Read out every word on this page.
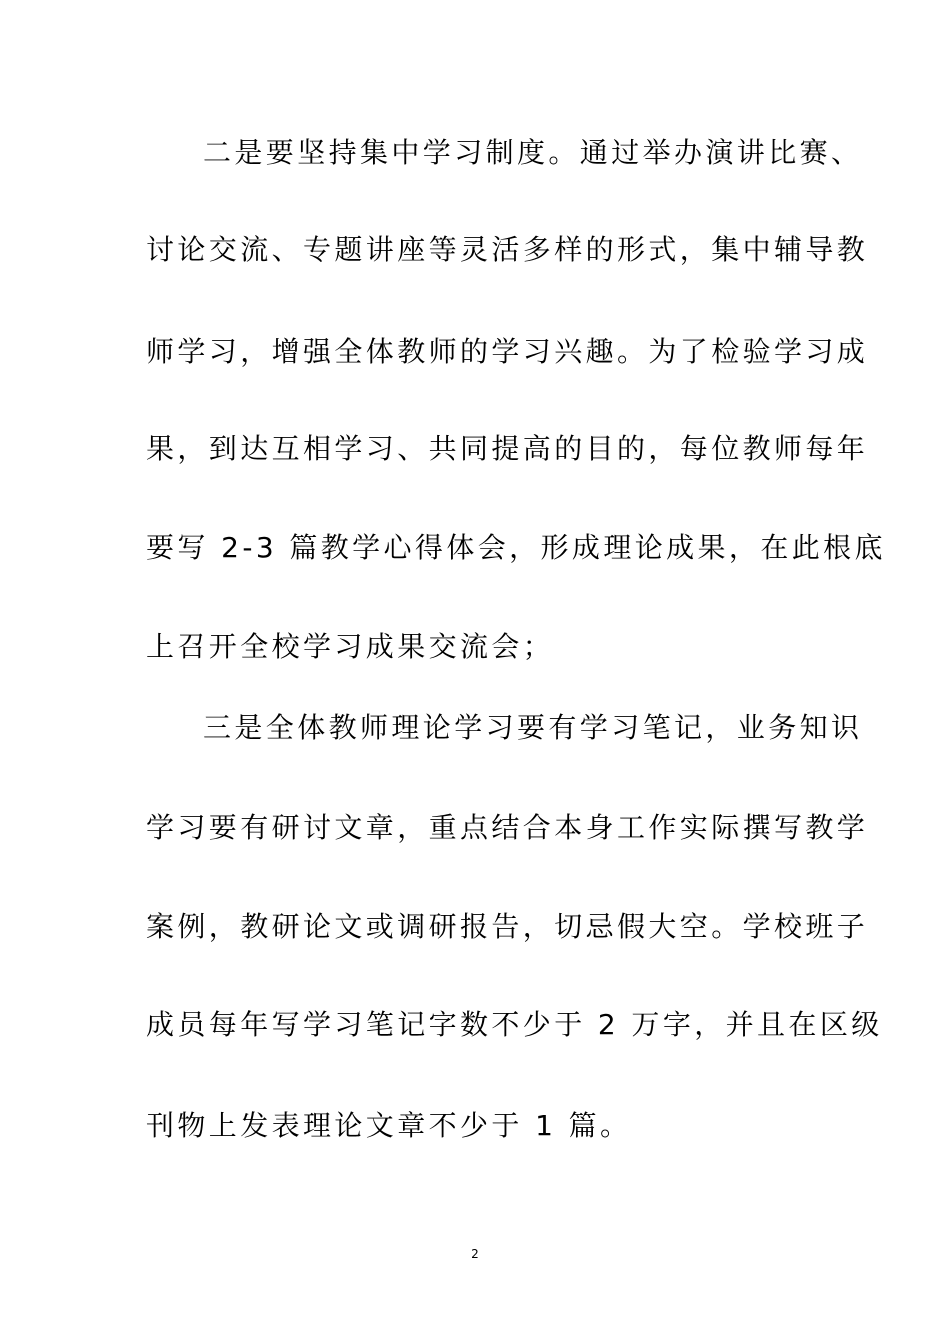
二是要坚持集中学习制度。通过举办演讲比赛、
讨论交流、专题讲座等灵活多样的形式，集中辅导教
师学习，增强全体教师的学习兴趣。为了检验学习成
果，到达互相学习、共同提高的目的，每位教师每年
要写 2-3 篇教学心得体会，形成理论成果，在此根底
上召开全校学习成果交流会；
三是全体教师理论学习要有学习笔记，业务知识
学习要有研讨文章，重点结合本身工作实际撰写教学
案例，教研论文或调研报告，切忌假大空。学校班子
成员每年写学习笔记字数不少于 2 万字，并且在区级
刊物上发表理论文章不少于 1 篇。
2
